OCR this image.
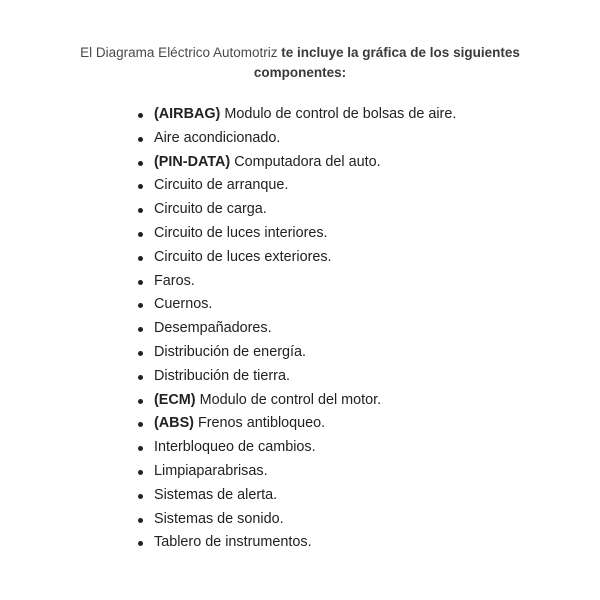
El Diagrama Eléctrico Automotriz te incluye la gráfica de los siguientes componentes:

(AIRBAG) Modulo de control de bolsas de aire.
Aire acondicionado.
(PIN-DATA) Computadora del auto.
Circuito de arranque.
Circuito de carga.
Circuito de luces interiores.
Circuito de luces exteriores.
Faros.
Cuernos.
Desempañadores.
Distribución de energía.
Distribución de tierra.
(ECM) Modulo de control del motor.
(ABS) Frenos antibloqueo.
Interbloqueo de cambios.
Limpiaparabrisas.
Sistemas de alerta.
Sistemas de sonido.
Tablero de instrumentos.
